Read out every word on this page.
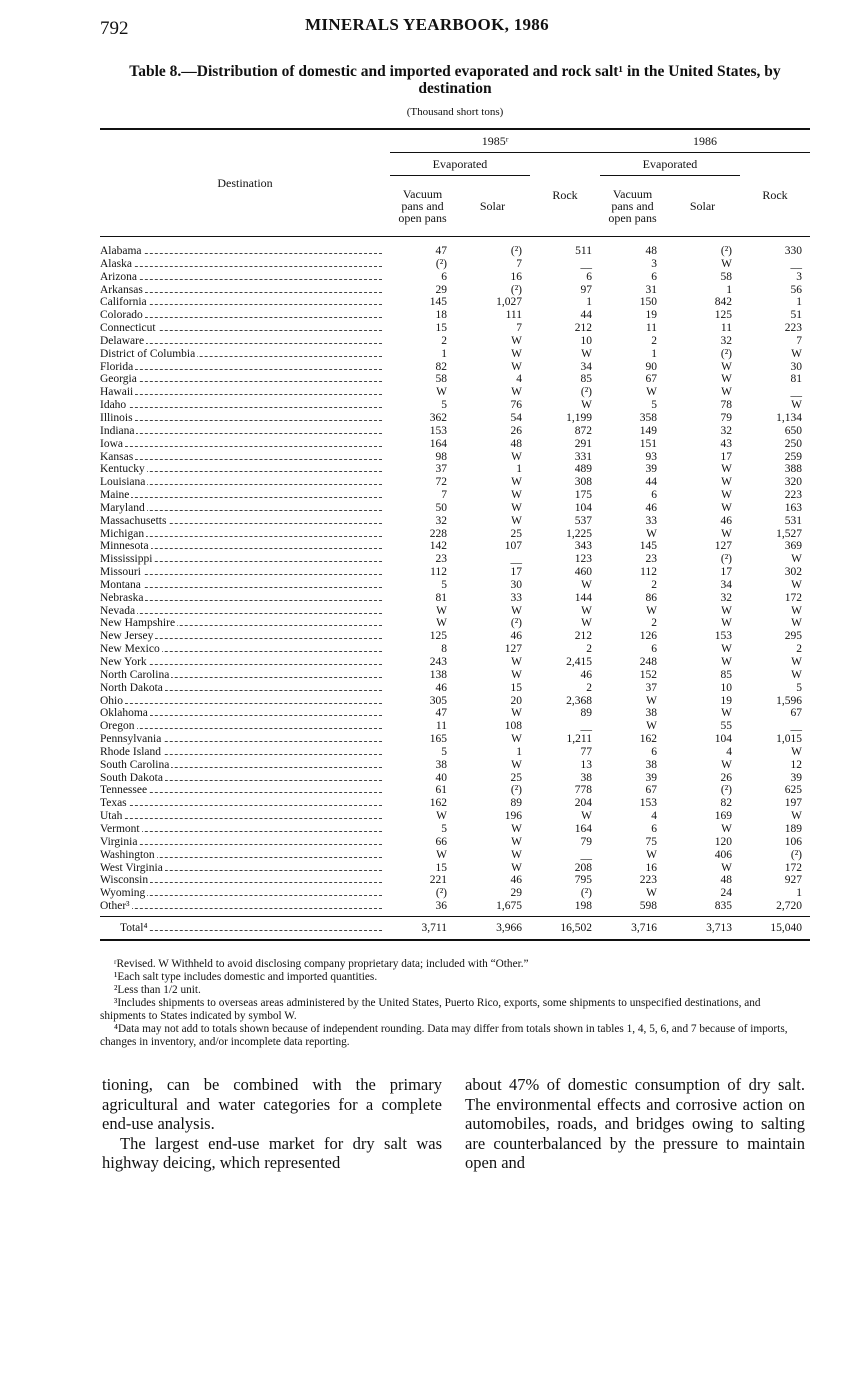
792	MINERALS YEARBOOK, 1986
Table 8.—Distribution of domestic and imported evaporated and rock salt¹ in the United States, by destination
(Thousand short tons)

Destination	1985ʳ			1986		
	Evaporated		Rock	Evaporated		Rock
	Vacuum pans and open pans	Solar		Vacuum pans and open pans	Solar	

Alabama	47	(²)	511	48	(²)	330
Alaska	(²)	7	__	3	W	__
Arizona	6	16	6	6	58	3
Arkansas	29	(²)	97	31	1	56
California	145	1,027	1	150	842	1
Colorado	18	111	44	19	125	51
Connecticut	15	7	212	11	11	223
Delaware	2	W	10	2	32	7
District of Columbia	1	W	W	1	(²)	W
Florida	82	W	34	90	W	30
Georgia	58	4	85	67	W	81
Hawaii	W	W	(²)	W	W	__
Idaho	5	76	W	5	78	W
Illinois	362	54	1,199	358	79	1,134
Indiana	153	26	872	149	32	650
Iowa	164	48	291	151	43	250
Kansas	98	W	331	93	17	259
Kentucky	37	1	489	39	W	388
Louisiana	72	W	308	44	W	320
Maine	7	W	175	6	W	223
Maryland	50	W	104	46	W	163
Massachusetts	32	W	537	33	46	531
Michigan	228	25	1,225	W	W	1,527
Minnesota	142	107	343	145	127	369
Mississippi	23	__	123	23	(²)	W
Missouri	112	17	460	112	17	302
Montana	5	30	W	2	34	W
Nebraska	81	33	144	86	32	172
Nevada	W	W	W	W	W	W
New Hampshire	W	(²)	W	2	W	W
New Jersey	125	46	212	126	153	295
New Mexico	8	127	2	6	W	2
New York	243	W	2,415	248	W	W
North Carolina	138	W	46	152	85	W
North Dakota	46	15	2	37	10	5
Ohio	305	20	2,368	W	19	1,596
Oklahoma	47	W	89	38	W	67
Oregon	11	108	__	W	55	__
Pennsylvania	165	W	1,211	162	104	1,015
Rhode Island	5	1	77	6	4	W
South Carolina	38	W	13	38	W	12
South Dakota	40	25	38	39	26	39
Tennessee	61	(²)	778	67	(²)	625
Texas	162	89	204	153	82	197
Utah	W	196	W	4	169	W
Vermont	5	W	164	6	W	189
Virginia	66	W	79	75	120	106
Washington	W	W	__	W	406	(²)
West Virginia	15	W	208	16	W	172
Wisconsin	221	46	795	223	48	927
Wyoming	(²)	29	(²)	W	24	1
Other³	36	1,675	198	598	835	2,720
Total⁴	3,711	3,966	16,502	3,716	3,713	15,040

ʳRevised. W Withheld to avoid disclosing company proprietary data; included with “Other.”

¹Each salt type includes domestic and imported quantities.

²Less than 1/2 unit.

³Includes shipments to overseas areas administered by the United States, Puerto Rico, exports, some shipments to unspecified destinations, and shipments to States indicated by symbol W.

⁴Data may not add to totals shown because of independent rounding. Data may differ from totals shown in tables 1, 4, 5, 6, and 7 because of imports, changes in inventory, and/or incomplete data reporting.

tioning, can be combined with the primary agricultural and water categories for a complete end-use analysis.

The largest end-use market for dry salt was highway deicing, which represented

about 47% of domestic consumption of dry salt. The environmental effects and corrosive action on automobiles, roads, and bridges owing to salting are counterbalanced by the pressure to maintain open and
